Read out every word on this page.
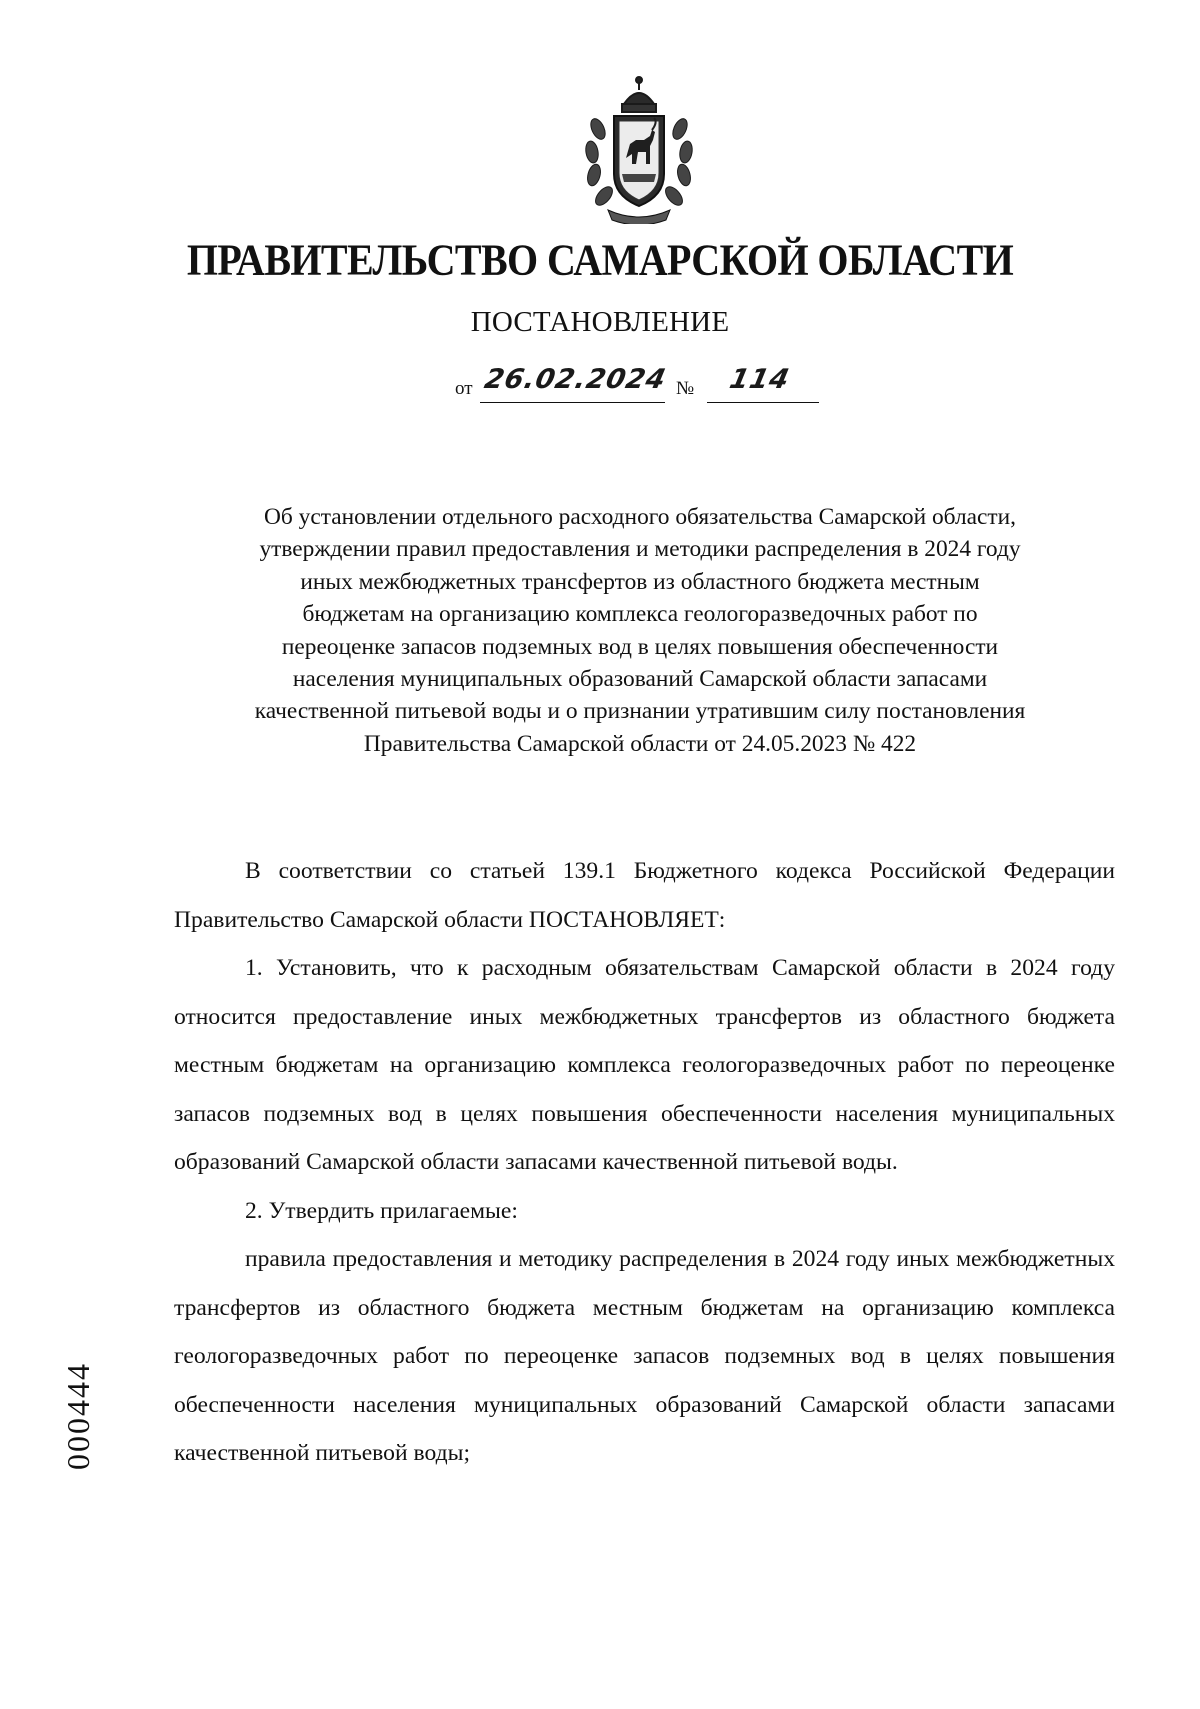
ПРАВИТЕЛЬСТВО САМАРСКОЙ ОБЛАСТИ
ПОСТАНОВЛЕНИЕ
от 26.02.2024 № 114
Об установлении отдельного расходного обязательства Самарской области,
утверждении правил предоставления и методики распределения в 2024 году
иных межбюджетных трансфертов из областного бюджета местным
бюджетам на организацию комплекса геологоразведочных работ по
переоценке запасов подземных вод в целях повышения обеспеченности
населения муниципальных образований Самарской области запасами
качественной питьевой воды и о признании утратившим силу постановления
Правительства Самарской области от 24.05.2023 № 422

В соответствии со статьей 139.1 Бюджетного кодекса Российской Федерации Правительство Самарской области ПОСТАНОВЛЯЕТ:

1. Установить, что к расходным обязательствам Самарской области в 2024 году относится предоставление иных межбюджетных трансфертов из областного бюджета местным бюджетам на организацию комплекса геологоразведочных работ по переоценке запасов подземных вод в целях повышения обеспеченности населения муниципальных образований Самарской области запасами качественной питьевой воды.

2. Утвердить прилагаемые:

правила предоставления и методику распределения в 2024 году иных межбюджетных трансфертов из областного бюджета местным бюджетам на организацию комплекса геологоразведочных работ по переоценке запасов подземных вод в целях повышения обеспеченности населения муниципальных образований Самарской области запасами качественной питьевой воды;

000444
